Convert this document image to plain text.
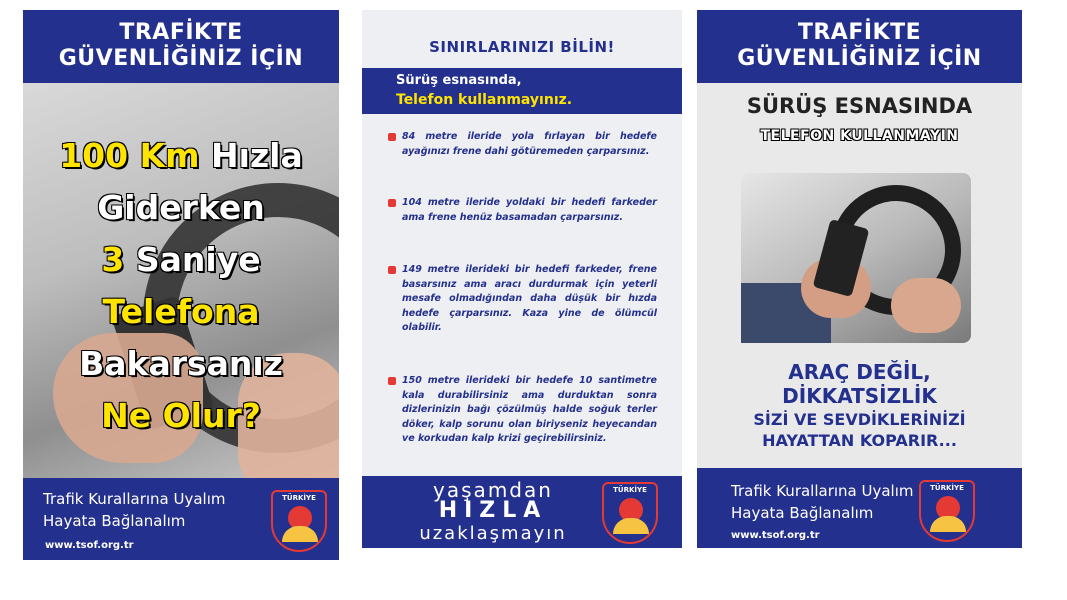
TRAFİKTE
GÜVENLİĞİNİZ İÇİN
100 Km Hızla
Giderken
3 Saniye
Telefona
Bakarsanız
Ne Olur?
Trafik Kurallarına Uyalım
Hayata Bağlanalım
www.tsof.org.tr
TÜRKİYE
SINIRLARINIZI BİLİN!
Sürüş esnasında,
Telefon kullanmayınız.
84 metre ileride yola fırlayan bir hedefe ayağınızı frene dahi götüremeden çarparsınız.
104 metre ileride yoldaki bir hedefi farkeder ama frene henüz basamadan çarparsınız.
149 metre ilerideki bir hedefi farkeder, frene basarsınız ama aracı durdurmak için yeterli mesafe olmadığından daha düşük bir hızda hedefe çarparsınız. Kaza yine de ölümcül olabilir.
150 metre ilerideki bir hedefe 10 santimetre kala durabilirsiniz ama durduktan sonra dizlerinizin bağı çözülmüş halde soğuk terler döker, kalp sorunu olan biriyseniz heyecandan ve korkudan kalp krizi geçirebilirsiniz.
yaşamdan
HIZLA
uzaklaşmayın
TÜRKİYE
TRAFİKTE
GÜVENLİĞİNİZ İÇİN
SÜRÜŞ ESNASINDA
TELEFON KULLANMAYIN
ARAÇ DEĞİL,
DİKKATSİZLİK
SİZİ VE SEVDİKLERİNİZİ
HAYATTAN KOPARIR...
Trafik Kurallarına Uyalım
Hayata Bağlanalım
www.tsof.org.tr
TÜRKİYE
